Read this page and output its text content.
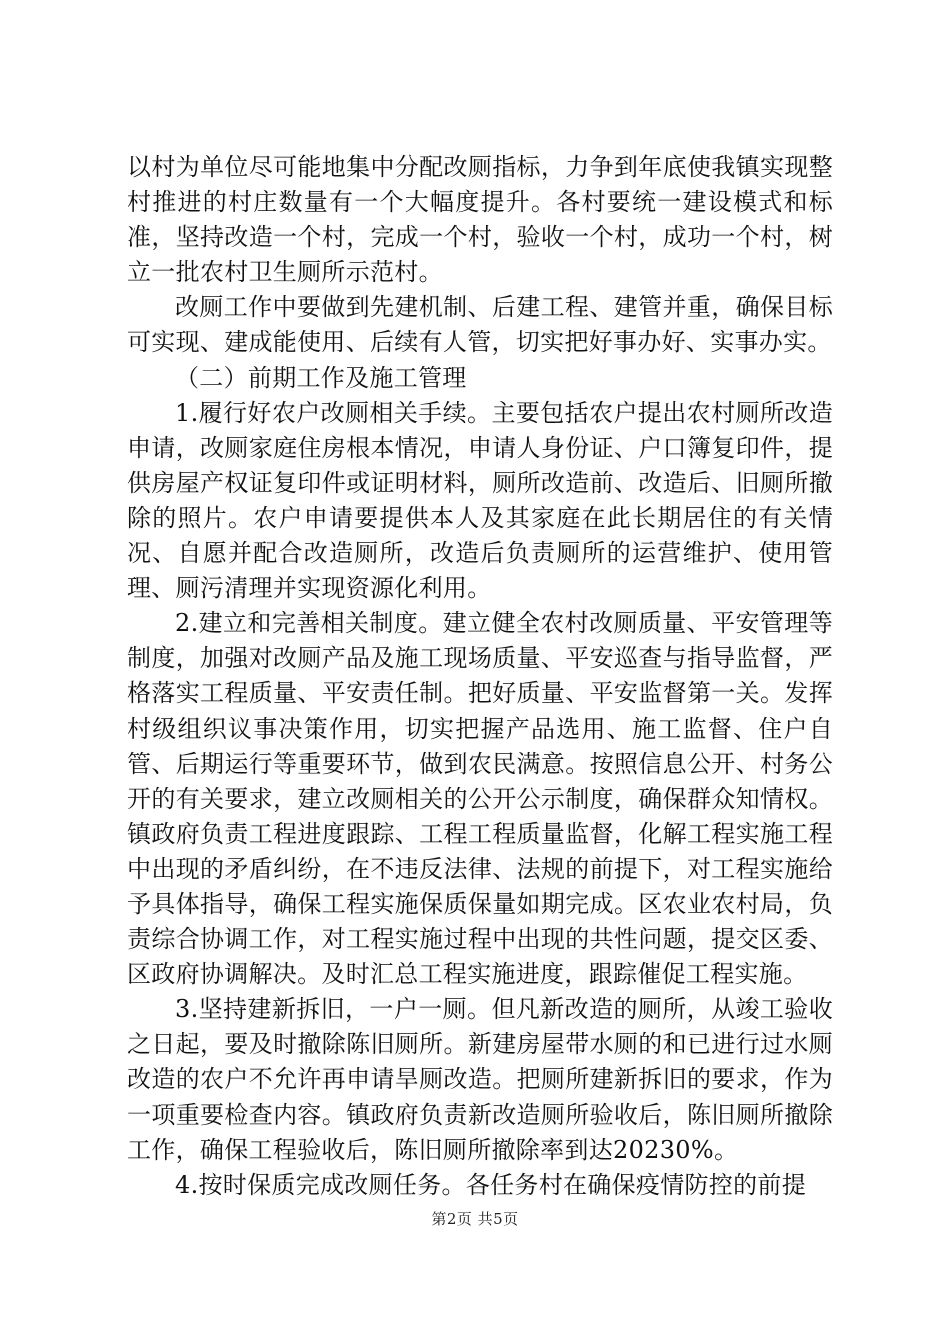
以村为单位尽可能地集中分配改厕指标，力争到年底使我镇实现整村推进的村庄数量有一个大幅度提升。各村要统一建设模式和标准，坚持改造一个村，完成一个村，验收一个村，成功一个村，树立一批农村卫生厕所示范村。

改厕工作中要做到先建机制、后建工程、建管并重，确保目标可实现、建成能使用、后续有人管，切实把好事办好、实事办实。

（二）前期工作及施工管理

1.履行好农户改厕相关手续。主要包括农户提出农村厕所改造申请，改厕家庭住房根本情况，申请人身份证、户口簿复印件，提供房屋产权证复印件或证明材料，厕所改造前、改造后、旧厕所撤除的照片。农户申请要提供本人及其家庭在此长期居住的有关情况、自愿并配合改造厕所，改造后负责厕所的运营维护、使用管理、厕污清理并实现资源化利用。

2.建立和完善相关制度。建立健全农村改厕质量、平安管理等制度，加强对改厕产品及施工现场质量、平安巡查与指导监督，严格落实工程质量、平安责任制。把好质量、平安监督第一关。发挥村级组织议事决策作用，切实把握产品选用、施工监督、住户自管、后期运行等重要环节，做到农民满意。按照信息公开、村务公开的有关要求，建立改厕相关的公开公示制度，确保群众知情权。镇政府负责工程进度跟踪、工程工程质量监督，化解工程实施工程中出现的矛盾纠纷，在不违反法律、法规的前提下，对工程实施给予具体指导，确保工程实施保质保量如期完成。区农业农村局，负责综合协调工作，对工程实施过程中出现的共性问题，提交区委、区政府协调解决。及时汇总工程实施进度，跟踪催促工程实施。

3.坚持建新拆旧，一户一厕。但凡新改造的厕所，从竣工验收之日起，要及时撤除陈旧厕所。新建房屋带水厕的和已进行过水厕改造的农户不允许再申请旱厕改造。把厕所建新拆旧的要求，作为一项重要检查内容。镇政府负责新改造厕所验收后，陈旧厕所撤除工作，确保工程验收后，陈旧厕所撤除率到达20230%。

4.按时保质完成改厕任务。各任务村在确保疫情防控的前提

第2页 共5页
